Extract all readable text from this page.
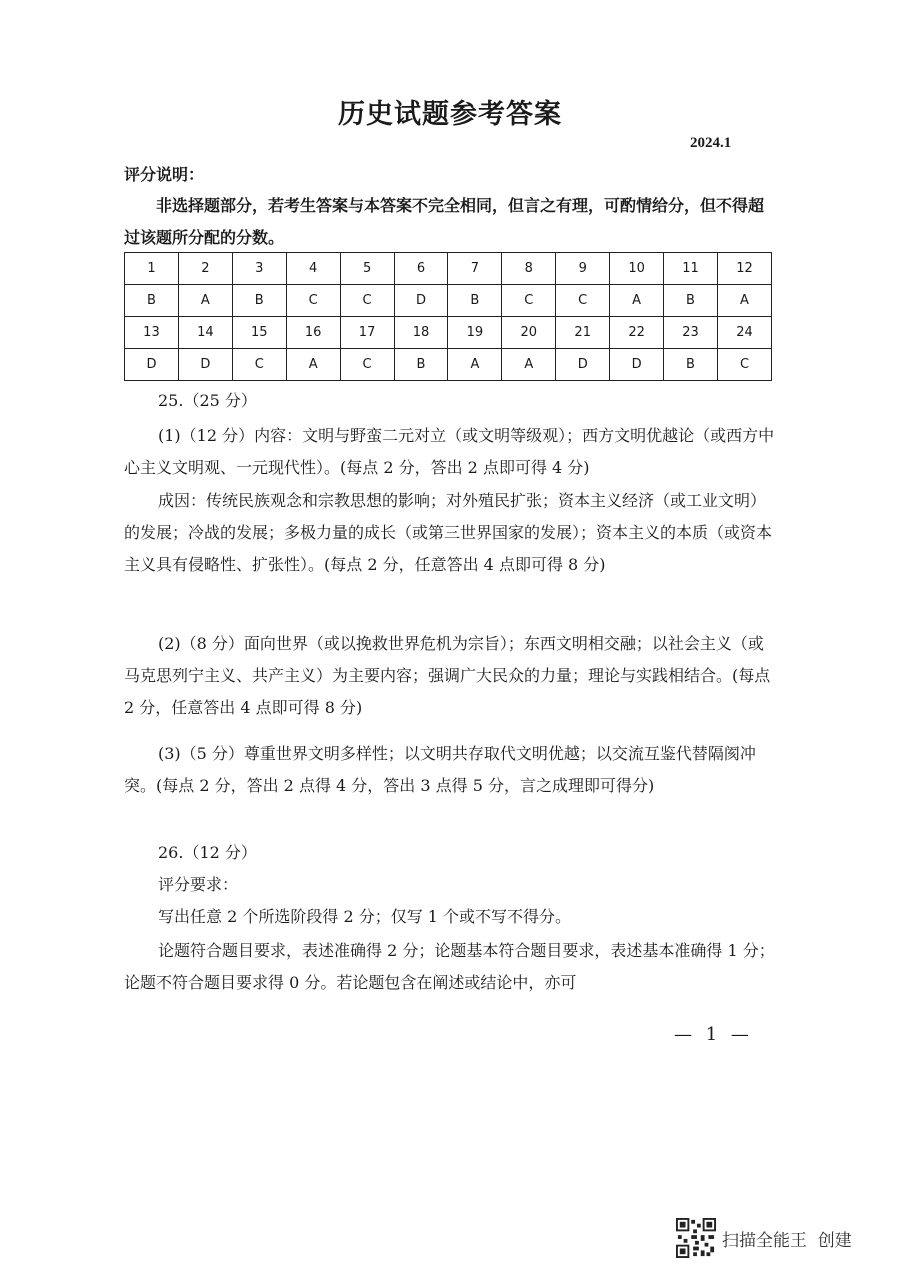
历史试题参考答案
2024.1
评分说明：
非选择题部分，若考生答案与本答案不完全相同，但言之有理，可酌情给分，但不得超过该题所分配的分数。
1	2	3	4	5	6	7	8	9	10	11	12
B	A	B	C	C	D	B	C	C	A	B	A
13	14	15	16	17	18	19	20	21	22	23	24
D	D	C	A	C	B	A	A	D	D	B	C
25.（25 分）
(1)（12 分）内容：文明与野蛮二元对立（或文明等级观）；西方文明优越论（或西方中心主义文明观、一元现代性）。(每点 2 分，答出 2 点即可得 4 分)
成因：传统民族观念和宗教思想的影响；对外殖民扩张；资本主义经济（或工业文明）的发展；冷战的发展；多极力量的成长（或第三世界国家的发展）；资本主义的本质（或资本主义具有侵略性、扩张性）。(每点 2 分，任意答出 4 点即可得 8 分)
(2)（8 分）面向世界（或以挽救世界危机为宗旨）；东西文明相交融；以社会主义（或马克思列宁主义、共产主义）为主要内容；强调广大民众的力量；理论与实践相结合。(每点 2 分，任意答出 4 点即可得 8 分)
(3)（5 分）尊重世界文明多样性；以文明共存取代文明优越；以交流互鉴代替隔阂冲突。(每点 2 分，答出 2 点得 4 分，答出 3 点得 5 分，言之成理即可得分)
26.（12 分）
评分要求：
写出任意 2 个所选阶段得 2 分；仅写 1 个或不写不得分。
论题符合题目要求，表述准确得 2 分；论题基本符合题目要求，表述基本准确得 1 分；论题不符合题目要求得 0 分。若论题包含在阐述或结论中，亦可
— 1 —
扫描全能王  创建
